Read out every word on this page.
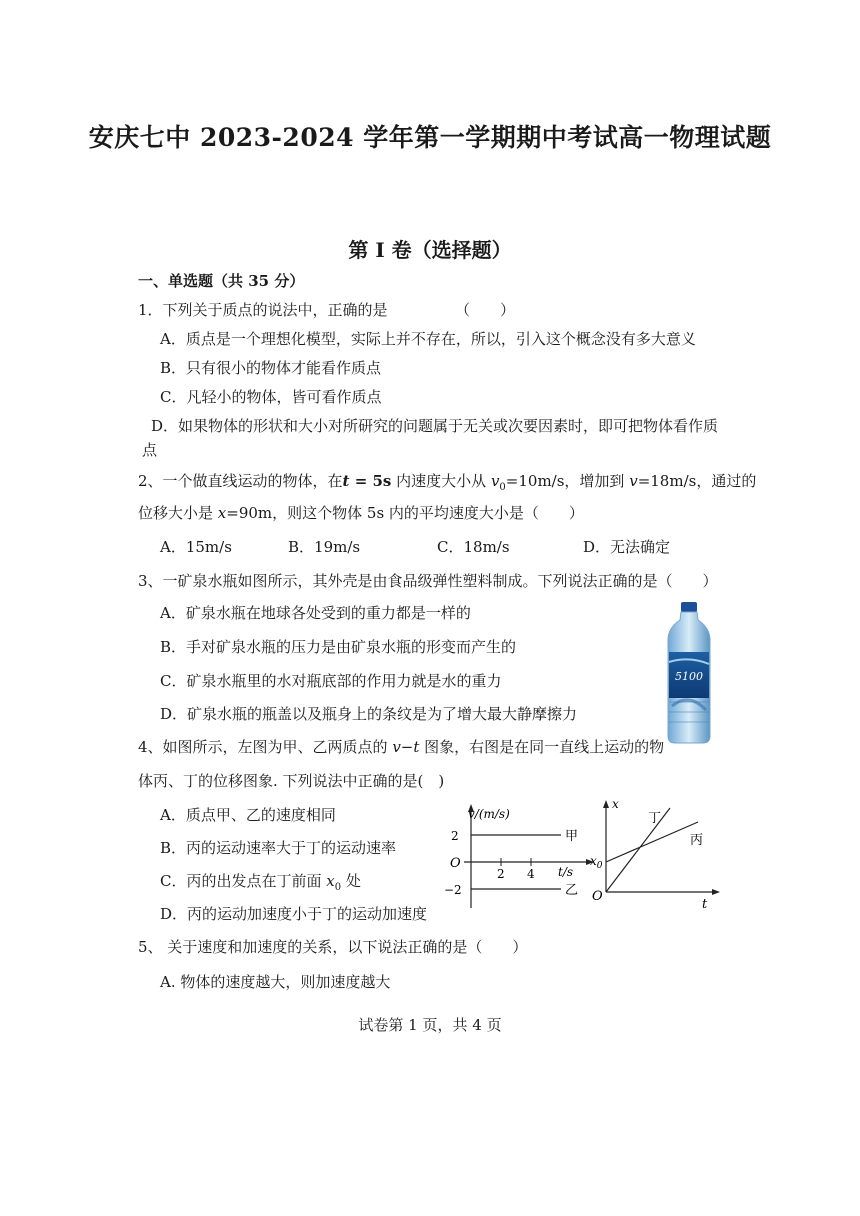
安庆七中 2023-2024 学年第一学期期中考试高一物理试题
第 I 卷（选择题）
一、单选题（共 35 分）
1．下列关于质点的说法中，正确的是　　　　　（　　）
A．质点是一个理想化模型，实际上并不存在，所以，引入这个概念没有多大意义
B．只有很小的物体才能看作质点
C．凡轻小的物体，皆可看作质点
D．如果物体的形状和大小对所研究的问题属于无关或次要因素时，即可把物体看作质
点
2、一个做直线运动的物体，在t = 5s 内速度大小从 $v_0=10m/s$，增加到 v=18m/s，通过的
位移大小是 x=90m，则这个物体 5s 内的平均速度大小是（　　）
A．15m/s	B．19m/s	C．18m/s	D．无法确定
3、一矿泉水瓶如图所示，其外壳是由食品级弹性塑料制成。下列说法正确的是（　　）
A．矿泉水瓶在地球各处受到的重力都是一样的
B．手对矿泉水瓶的压力是由矿泉水瓶的形变而产生的
C．矿泉水瓶里的水对瓶底部的作用力就是水的重力
D．矿泉水瓶的瓶盖以及瓶身上的条纹是为了增大最大静摩擦力
5100
4、如图所示，左图为甲、乙两质点的 v−t 图象，右图是在同一直线上运动的物
体丙、丁的位移图象. 下列说法中正确的是(　)
A．质点甲、乙的速度相同
B．丙的运动速率大于丁的运动速率
C．丙的出发点在丁前面 $x_0$ 处
D．丙的运动加速度小于丁的运动加速度
v/(m/s)
t/s
O
甲
乙
2
−2
2 4
x
t
O
$x_0$
丁
丙
5、 关于速度和加速度的关系，以下说法正确的是（　　）
A. 物体的速度越大，则加速度越大
试卷第 1 页，共 4 页
